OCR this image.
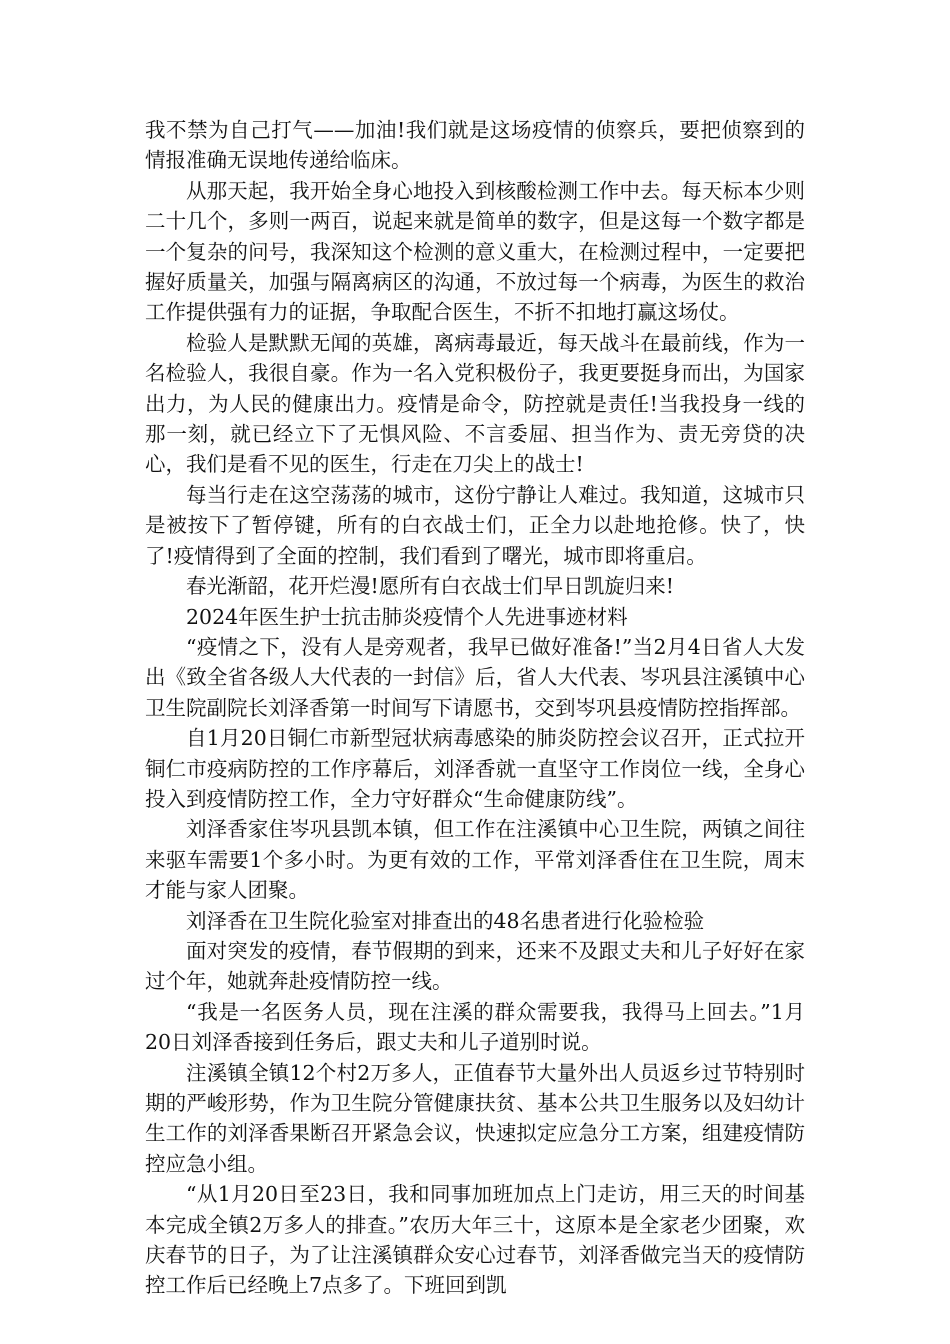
我不禁为自己打气——加油!我们就是这场疫情的侦察兵，要把侦察到的情报准确无误地传递给临床。

从那天起，我开始全身心地投入到核酸检测工作中去。每天标本少则二十几个，多则一两百，说起来就是简单的数字，但是这每一个数字都是一个复杂的问号，我深知这个检测的意义重大，在检测过程中，一定要把握好质量关，加强与隔离病区的沟通，不放过每一个病毒，为医生的救治工作提供强有力的证据，争取配合医生，不折不扣地打赢这场仗。

检验人是默默无闻的英雄，离病毒最近，每天战斗在最前线，作为一名检验人，我很自豪。作为一名入党积极份子，我更要挺身而出，为国家出力，为人民的健康出力。疫情是命令，防控就是责任!当我投身一线的那一刻，就已经立下了无惧风险、不言委屈、担当作为、责无旁贷的决心，我们是看不见的医生，行走在刀尖上的战士!

每当行走在这空荡荡的城市，这份宁静让人难过。我知道，这城市只是被按下了暂停键，所有的白衣战士们，正全力以赴地抢修。快了，快了!疫情得到了全面的控制，我们看到了曙光，城市即将重启。

春光渐韶，花开烂漫!愿所有白衣战士们早日凯旋归来!

2024年医生护士抗击肺炎疫情个人先进事迹材料

“疫情之下，没有人是旁观者，我早已做好准备!”当2月4日省人大发出《致全省各级人大代表的一封信》后，省人大代表、岑巩县注溪镇中心卫生院副院长刘泽香第一时间写下请愿书，交到岑巩县疫情防控指挥部。

自1月20日铜仁市新型冠状病毒感染的肺炎防控会议召开，正式拉开铜仁市疫病防控的工作序幕后，刘泽香就一直坚守工作岗位一线，全身心投入到疫情防控工作，全力守好群众“生命健康防线”。

刘泽香家住岑巩县凯本镇，但工作在注溪镇中心卫生院，两镇之间往来驱车需要1个多小时。为更有效的工作，平常刘泽香住在卫生院，周末才能与家人团聚。

刘泽香在卫生院化验室对排查出的48名患者进行化验检验

面对突发的疫情，春节假期的到来，还来不及跟丈夫和儿子好好在家过个年，她就奔赴疫情防控一线。

“我是一名医务人员，现在注溪的群众需要我，我得马上回去。”1月20日刘泽香接到任务后，跟丈夫和儿子道别时说。

注溪镇全镇12个村2万多人，正值春节大量外出人员返乡过节特别时期的严峻形势，作为卫生院分管健康扶贫、基本公共卫生服务以及妇幼计生工作的刘泽香果断召开紧急会议，快速拟定应急分工方案，组建疫情防控应急小组。

“从1月20日至23日，我和同事加班加点上门走访，用三天的时间基本完成全镇2万多人的排查。”农历大年三十，这原本是全家老少团聚，欢庆春节的日子，为了让注溪镇群众安心过春节，刘泽香做完当天的疫情防控工作后已经晚上7点多了。下班回到凯
